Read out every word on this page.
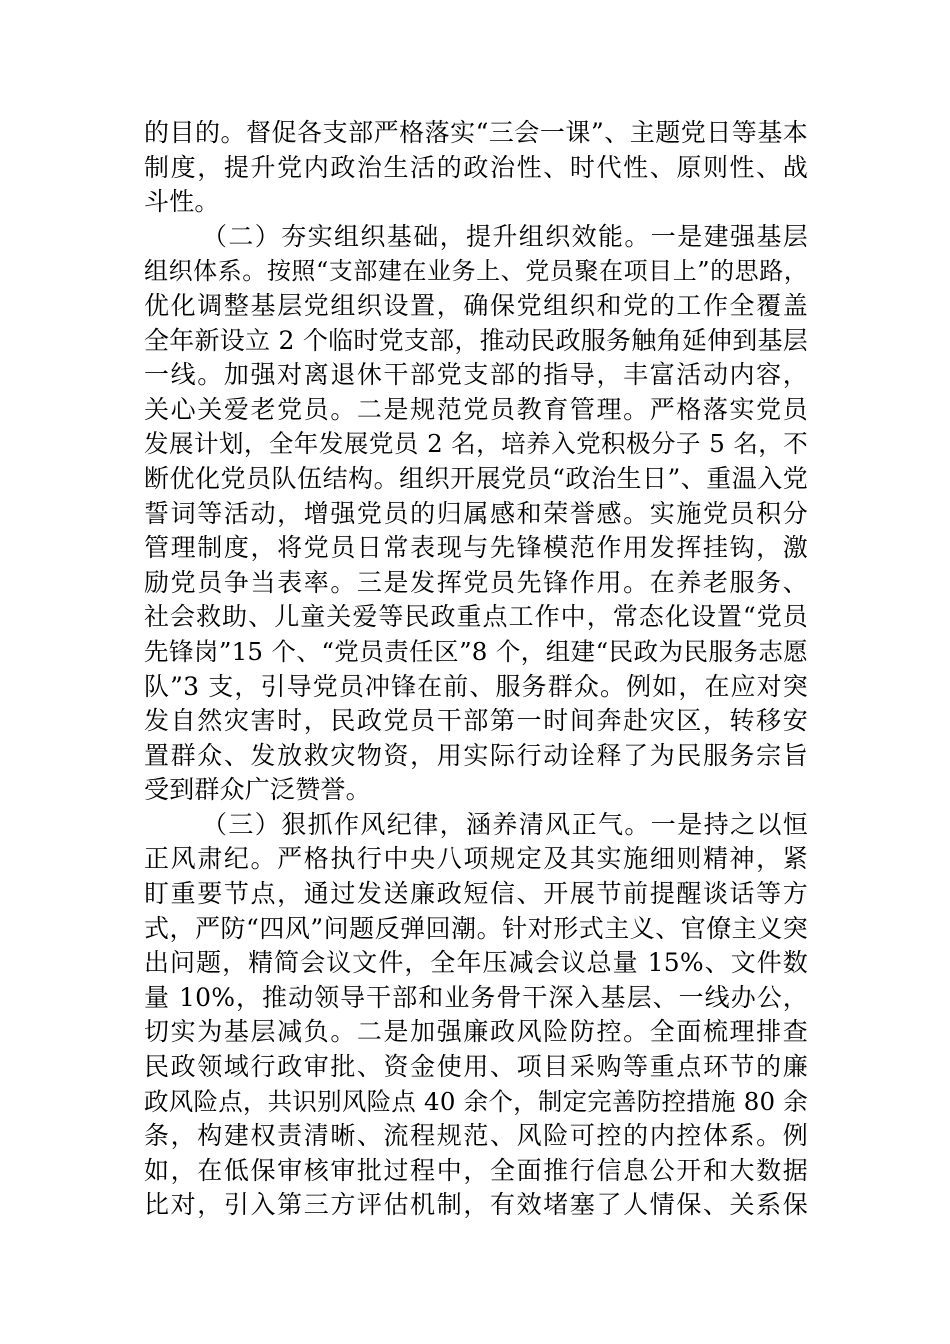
的目的。督促各支部严格落实“三会一课”、主题党日等基本
制度，提升党内政治生活的政治性、时代性、原则性、战
斗性。
（二）夯实组织基础，提升组织效能。一是建强基层
组织体系。按照“支部建在业务上、党员聚在项目上”的思路，
优化调整基层党组织设置，确保党组织和党的工作全覆盖
全年新设立 2 个临时党支部，推动民政服务触角延伸到基层
一线。加强对离退休干部党支部的指导，丰富活动内容，
关心关爱老党员。二是规范党员教育管理。严格落实党员
发展计划，全年发展党员 2 名，培养入党积极分子 5 名，不
断优化党员队伍结构。组织开展党员“政治生日”、重温入党
誓词等活动，增强党员的归属感和荣誉感。实施党员积分
管理制度，将党员日常表现与先锋模范作用发挥挂钩，激
励党员争当表率。三是发挥党员先锋作用。在养老服务、
社会救助、儿童关爱等民政重点工作中，常态化设置“党员
先锋岗”15 个、“党员责任区”8 个，组建“民政为民服务志愿
队”3 支，引导党员冲锋在前、服务群众。例如，在应对突
发自然灾害时，民政党员干部第一时间奔赴灾区，转移安
置群众、发放救灾物资，用实际行动诠释了为民服务宗旨
受到群众广泛赞誉。
（三）狠抓作风纪律，涵养清风正气。一是持之以恒
正风肃纪。严格执行中央八项规定及其实施细则精神，紧
盯重要节点，通过发送廉政短信、开展节前提醒谈话等方
式，严防“四风”问题反弹回潮。针对形式主义、官僚主义突
出问题，精简会议文件，全年压减会议总量 15%、文件数
量 10%，推动领导干部和业务骨干深入基层、一线办公，
切实为基层减负。二是加强廉政风险防控。全面梳理排查
民政领域行政审批、资金使用、项目采购等重点环节的廉
政风险点，共识别风险点 40 余个，制定完善防控措施 80 余
条，构建权责清晰、流程规范、风险可控的内控体系。例
如，在低保审核审批过程中，全面推行信息公开和大数据
比对，引入第三方评估机制，有效堵塞了人情保、关系保
